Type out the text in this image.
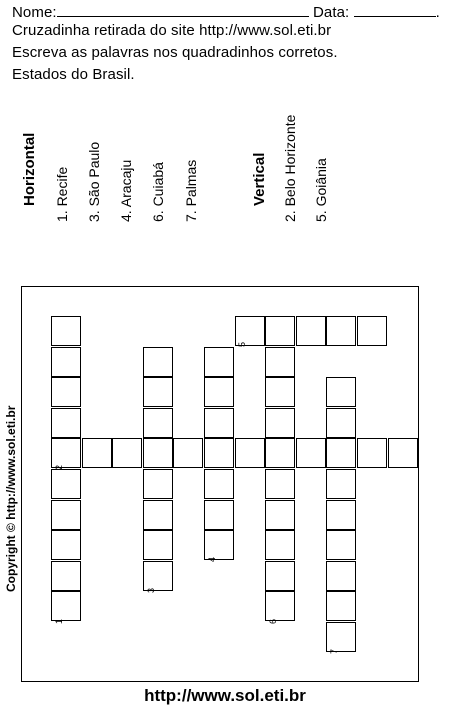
Nome:	Data:	.
Cruzadinha retirada do site http://www.sol.eti.br
Escreva as palavras nos quadradinhos corretos.
Estados do Brasil.
Horizontal 1. Recife 3. São Paulo 4. Aracaju 6. Cuiabá 7. Palmas	Vertical 2. Belo Horizonte 5. Goiânia
Copyright © http://www.sol.eti.br
1
2
3
4
5
6
7
http://www.sol.eti.br
